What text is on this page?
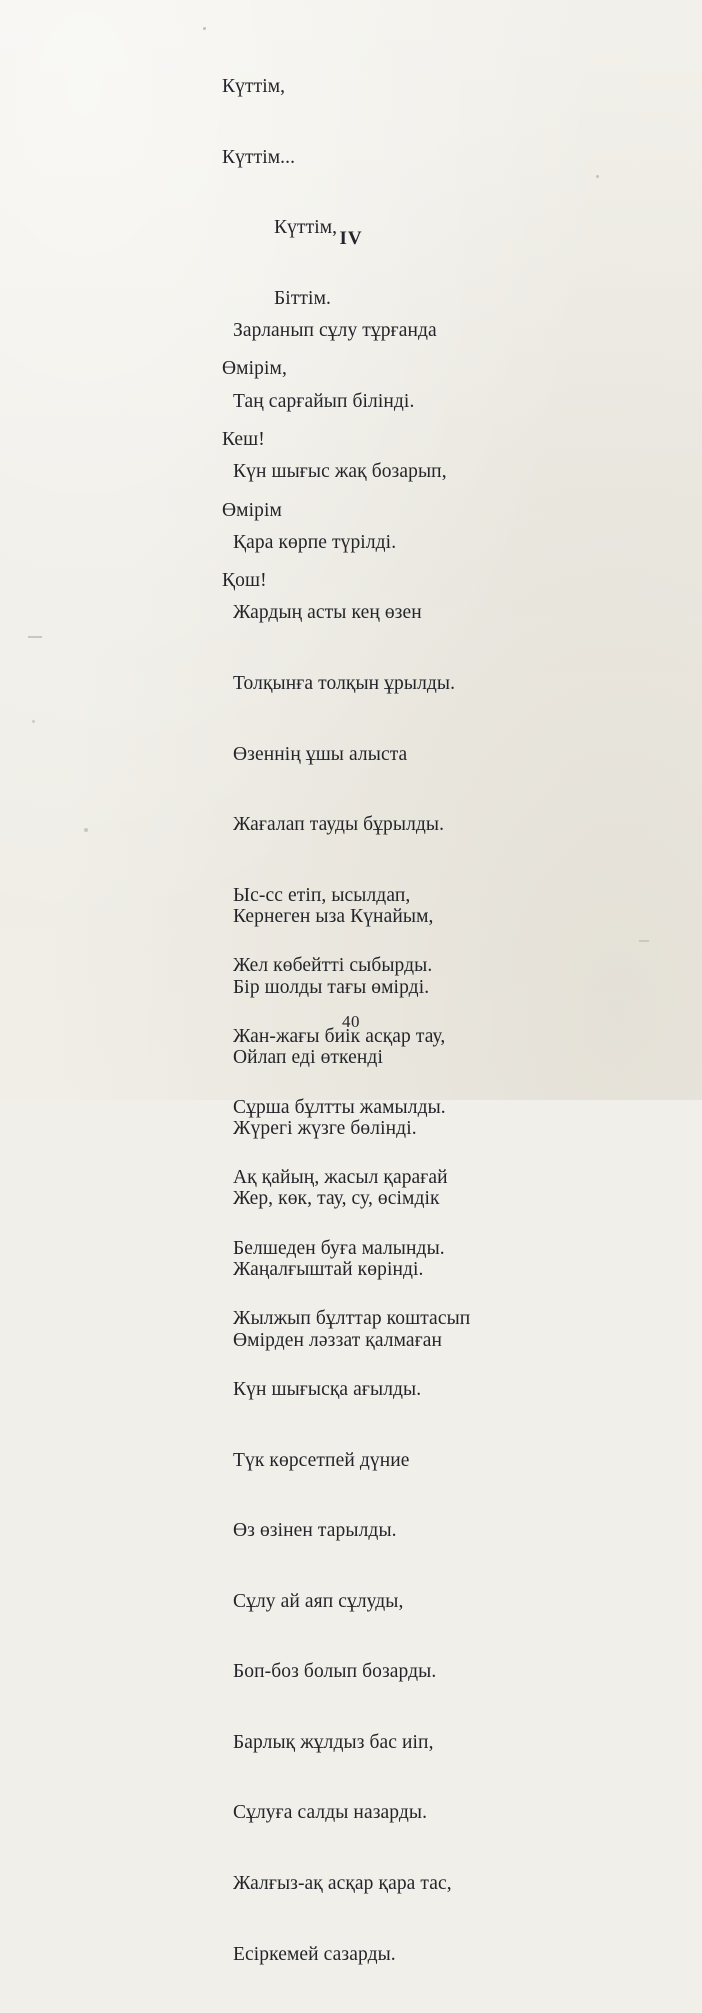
Күттім,

Күттім...

Күттім,

Біттім.

Өмірім,

Кеш!

Өмірім

Қош!

IV

Зарланып сұлу тұрғанда

Таң сарғайып білінді.

Күн шығыс жақ бозарып,

Қара көрпе түрілді.

Жардың асты кең өзен

Толқынға толқын ұрылды.

Өзеннің ұшы алыста

Жағалап тауды бұрылды.

Ыс-сс етіп, ысылдап,

Жел көбейтті сыбырды.

Жан-жағы биік асқар тау,

Сұрша бұлтты жамылды.

Ақ қайың, жасыл қарағай

Белшеден буға малынды.

Жылжып бұлттар коштасып

Күн шығысқа ағылды.

Түк көрсетпей дүние

Өз өзінен тарылды.

Сұлу ай аяп сұлуды,

Боп-боз болып бозарды.

Барлық жұлдыз бас иіп,

Сұлуға салды назарды.

Жалғыз-ақ асқар қара тас,

Есіркемей сазарды.

Кернеген ыза Күнайым,

Бір шолды тағы өмірді.

Ойлап еді өткенді

Жүрегі жүзге бөлінді.

Жер, көк, тау, су, өсімдік

Жаңалғыштай көрінді.

Өмірден ләззат қалмаған

40
